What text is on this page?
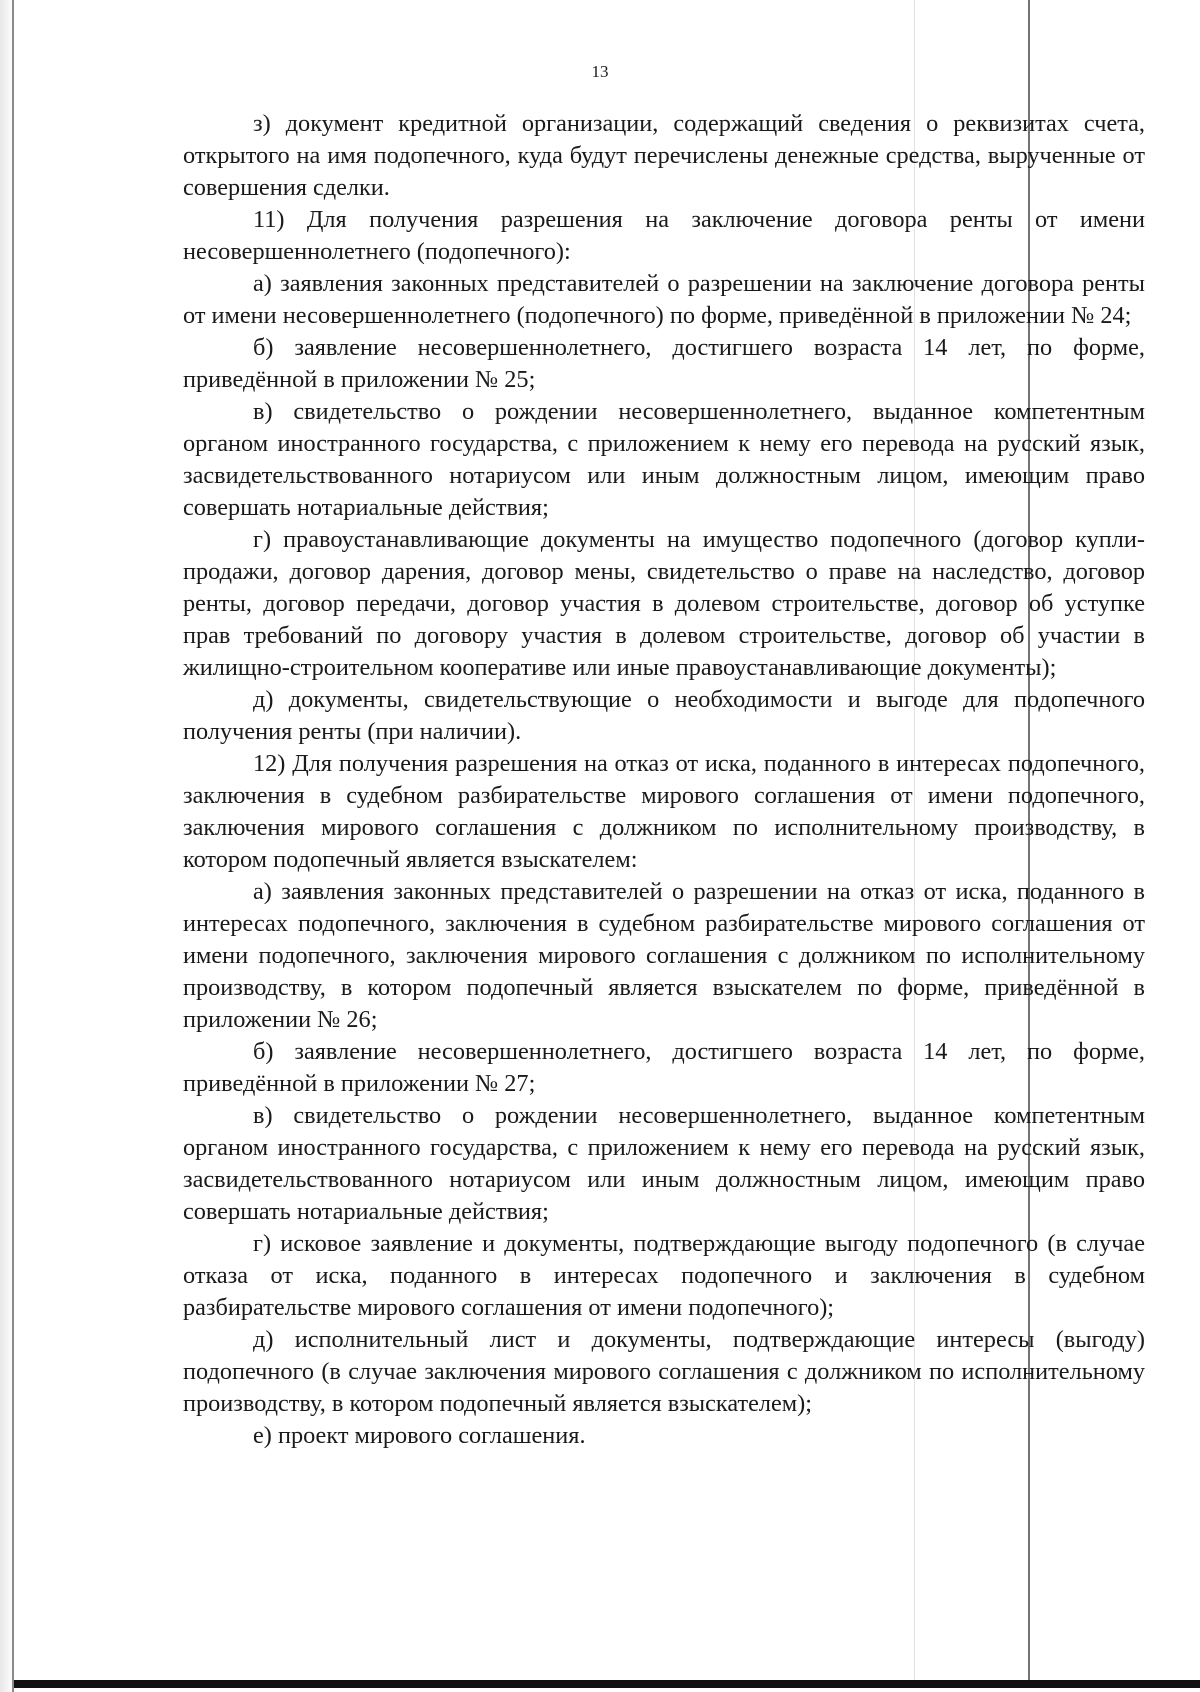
13

з) документ кредитной организации, содержащий сведения о реквизитах счета, открытого на имя подопечного, куда будут перечислены денежные средства, вырученные от совершения сделки.

11) Для получения разрешения на заключение договора ренты от имени несовершеннолетнего (подопечного):

а) заявления законных представителей о разрешении на заключение договора ренты от имени несовершеннолетнего (подопечного) по форме, приведённой в приложении № 24;

б) заявление несовершеннолетнего, достигшего возраста 14 лет, по форме, приведённой в приложении № 25;

в) свидетельство о рождении несовершеннолетнего, выданное компетентным органом иностранного государства, с приложением к нему его перевода на русский язык, засвидетельствованного нотариусом или иным должностным лицом, имеющим право совершать нотариальные действия;

г) правоустанавливающие документы на имущество подопечного (договор купли-продажи, договор дарения, договор мены, свидетельство о праве на наследство, договор ренты, договор передачи, договор участия в долевом строительстве, договор об уступке прав требований по договору участия в долевом строительстве, договор об участии в жилищно-строительном кооперативе или иные правоустанавливающие документы);

д) документы, свидетельствующие о необходимости и выгоде для подопечного получения ренты (при наличии).

12) Для получения разрешения на отказ от иска, поданного в интересах подопечного, заключения в судебном разбирательстве мирового соглашения от имени подопечного, заключения мирового соглашения с должником по исполнительному производству, в котором подопечный является взыскателем:

а) заявления законных представителей о разрешении на отказ от иска, поданного в интересах подопечного, заключения в судебном разбирательстве мирового соглашения от имени подопечного, заключения мирового соглашения с должником по исполнительному производству, в котором подопечный является взыскателем по форме, приведённой в приложении № 26;

б) заявление несовершеннолетнего, достигшего возраста 14 лет, по форме, приведённой в приложении № 27;

в) свидетельство о рождении несовершеннолетнего, выданное компетентным органом иностранного государства, с приложением к нему его перевода на русский язык, засвидетельствованного нотариусом или иным должностным лицом, имеющим право совершать нотариальные действия;

г) исковое заявление и документы, подтверждающие выгоду подопечного (в случае отказа от иска, поданного в интересах подопечного и заключения в судебном разбирательстве мирового соглашения от имени подопечного);

д) исполнительный лист и документы, подтверждающие интересы (выгоду) подопечного (в случае заключения мирового соглашения с должником по исполнительному производству, в котором подопечный является взыскателем);

е) проект мирового соглашения.
